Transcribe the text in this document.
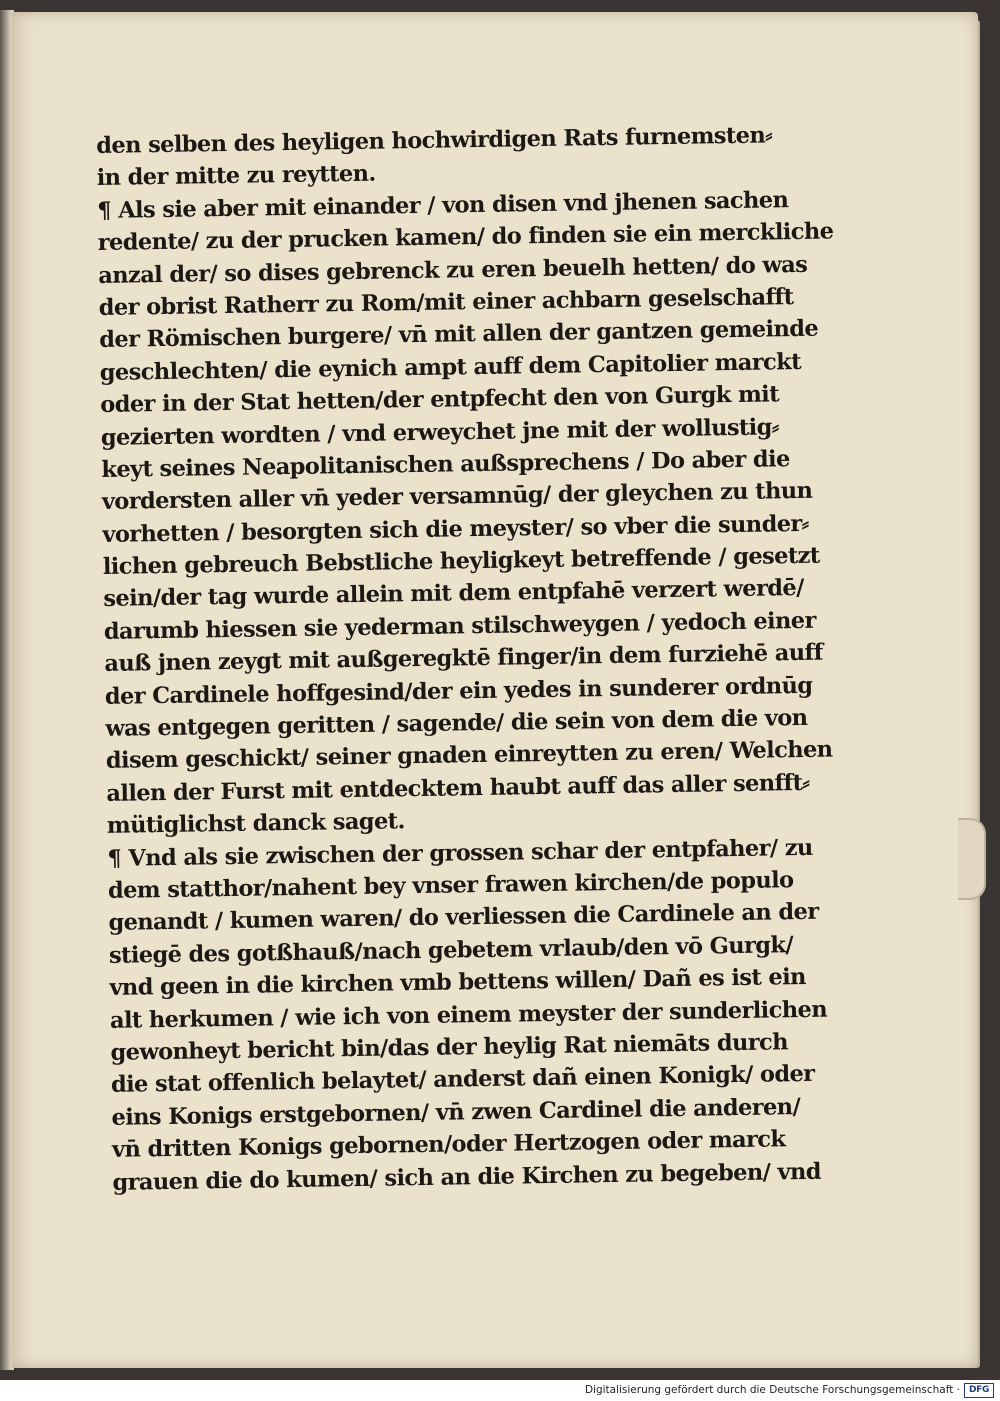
den selben des heyligen hochwirdigen Rats furnemsten⸗
in der mitte zu reytten.
¶ Als sie aber mit einander / von disen vnd jhenen sachen
redente/ zu der prucken kamen/ do finden sie ein merckliche
anzal der/ so dises gebrenck zu eren beuelh hetten/ do was
der obrist Ratherr zu Rom/mit einer achbarn geselschafft
der Römischen burgere/ vn̄ mit allen der gantzen gemeinde
geschlechten/ die eynich ampt auff dem Capitolier marckt
oder in der Stat hetten/der entpfecht den von Gurgk mit
gezierten wordten / vnd erweychet jne mit der wollustig⸗
keyt seines Neapolitanischen außsprechens / Do aber die
vordersten aller vn̄ yeder versamnūg/ der gleychen zu thun
vorhetten / besorgten sich die meyster/ so vber die sunder⸗
lichen gebreuch Bebstliche heyligkeyt betreffende / gesetzt
sein/der tag wurde allein mit dem entpfahē verzert werdē/
darumb hiessen sie yederman stilschweygen / yedoch einer
auß jnen zeygt mit außgeregktē finger/in dem furziehē auff
der Cardinele hoffgesind/der ein yedes in sunderer ordnūg
was entgegen geritten / sagende/ die sein von dem die von
disem geschickt/ seiner gnaden einreytten zu eren/ Welchen
allen der Furst mit entdecktem haubt auff das aller senfft⸗
mütiglichst danck saget.
¶ Vnd als sie zwischen der grossen schar der entpfaher/ zu
dem statthor/nahent bey vnser frawen kirchen/de populo
genandt / kumen waren/ do verliessen die Cardinele an der
stiegē des gotßhauß/nach gebetem vrlaub/den vō Gurgk/
vnd geen in die kirchen vmb bettens willen/ Dañ es ist ein
alt herkumen / wie ich von einem meyster der sunderlichen
gewonheyt bericht bin/das der heylig Rat niemāts durch
die stat offenlich belaytet/ anderst dañ einen Konigk/ oder
eins Konigs erstgebornen/ vn̄ zwen Cardinel die anderen/
vn̄ dritten Konigs gebornen/oder Hertzogen oder marck
grauen die do kumen/ sich an die Kirchen zu begeben/ vnd
Digitalisierung gefördert durch die Deutsche Forschungsgemeinschaft · DFG
